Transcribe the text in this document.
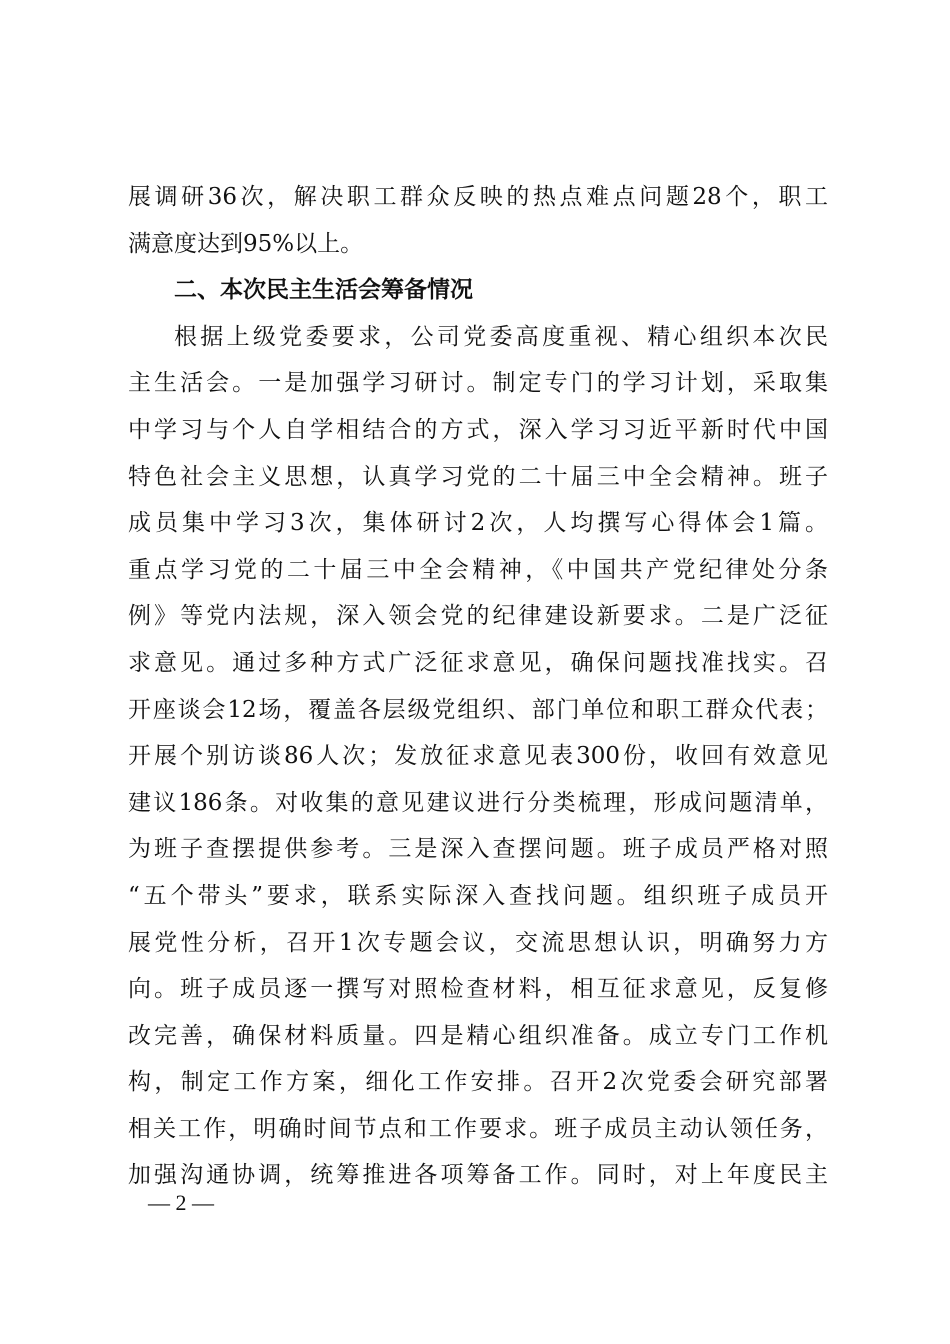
展调研36次，解决职工群众反映的热点难点问题28个，职工
满意度达到95%以上。
二、本次民主生活会筹备情况
根据上级党委要求，公司党委高度重视、精心组织本次民
主生活会。一是加强学习研讨。制定专门的学习计划，采取集
中学习与个人自学相结合的方式，深入学习习近平新时代中国
特色社会主义思想，认真学习党的二十届三中全会精神。班子
成员集中学习3次，集体研讨2次，人均撰写心得体会1篇。
重点学习党的二十届三中全会精神，《中国共产党纪律处分条
例》等党内法规，深入领会党的纪律建设新要求。二是广泛征
求意见。通过多种方式广泛征求意见，确保问题找准找实。召
开座谈会12场，覆盖各层级党组织、部门单位和职工群众代表；
开展个别访谈86人次；发放征求意见表300份，收回有效意见
建议186条。对收集的意见建议进行分类梳理，形成问题清单，
为班子查摆提供参考。三是深入查摆问题。班子成员严格对照
“五个带头”要求，联系实际深入查找问题。组织班子成员开
展党性分析，召开1次专题会议，交流思想认识，明确努力方
向。班子成员逐一撰写对照检查材料，相互征求意见，反复修
改完善，确保材料质量。四是精心组织准备。成立专门工作机
构，制定工作方案，细化工作安排。召开2次党委会研究部署
相关工作，明确时间节点和工作要求。班子成员主动认领任务，
加强沟通协调，统筹推进各项筹备工作。同时，对上年度民主
— 2 —
